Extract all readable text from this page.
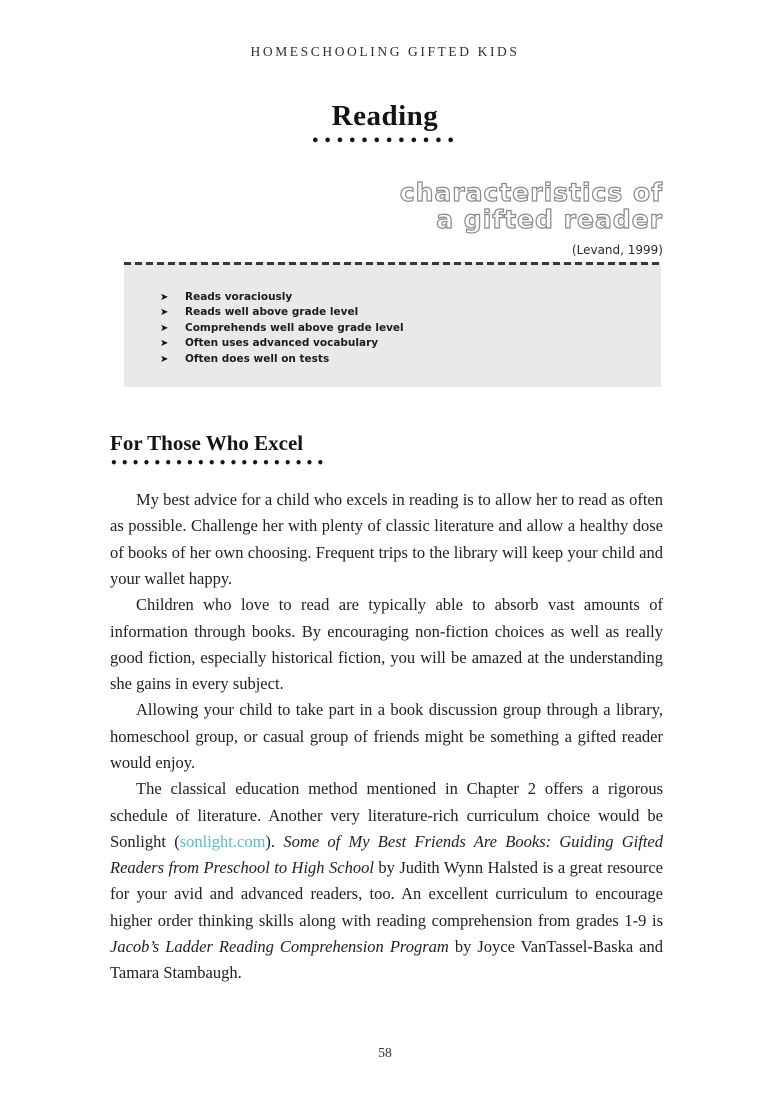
HOMESCHOOLING GIFTED KIDS
Reading
••••••••••••
characteristics of
a gifted reader
(Levand, 1999)
➤	Reads voraciously
➤	Reads well above grade level
➤	Comprehends well above grade level
➤	Often uses advanced vocabulary
➤	Often does well on tests
For Those Who Excel
••••••••••••••••••••

My best advice for a child who excels in reading is to allow her to read as often as possible. Challenge her with plenty of classic literature and allow a healthy dose of books of her own choosing. Frequent trips to the library will keep your child and your wallet happy.

Children who love to read are typically able to absorb vast amounts of information through books. By encouraging non-fiction choices as well as really good fiction, especially historical fiction, you will be amazed at the understanding she gains in every subject.

Allowing your child to take part in a book discussion group through a library, homeschool group, or casual group of friends might be something a gifted reader would enjoy.

The classical education method mentioned in Chapter 2 offers a rigorous schedule of literature. Another very literature-rich curriculum choice would be Sonlight (sonlight.com). Some of My Best Friends Are Books: Guiding Gifted Readers from Preschool to High School by Judith Wynn Halsted is a great resource for your avid and advanced readers, too. An excellent curriculum to encourage higher order thinking skills along with reading comprehension from grades 1-9 is Jacob’s Ladder Reading Comprehension Program by Joyce VanTassel-Baska and Tamara Stambaugh.

58
